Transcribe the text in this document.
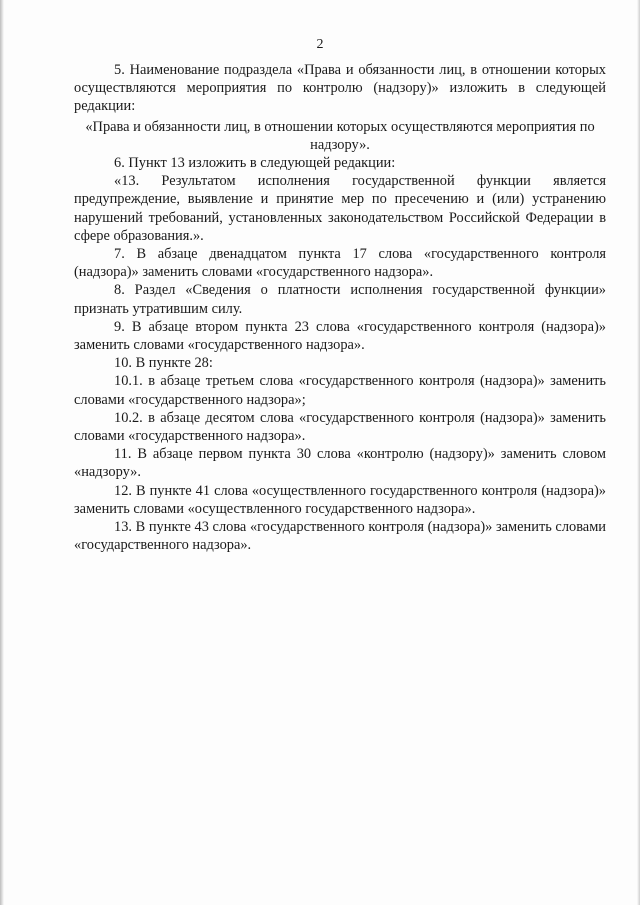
2

5. Наименование подраздела «Права и обязанности лиц, в отношении которых осуществляются мероприятия по контролю (надзору)» изложить в следующей редакции:

«Права и обязанности лиц, в отношении которых осуществляются мероприятия по надзору».

6. Пункт 13 изложить в следующей редакции:

«13. Результатом исполнения государственной функции является предупреждение, выявление и принятие мер по пресечению и (или) устранению нарушений требований, установленных законодательством Российской Федерации в сфере образования.».

7. В абзаце двенадцатом пункта 17 слова «государственного контроля (надзора)» заменить словами «государственного надзора».

8. Раздел «Сведения о платности исполнения государственной функции» признать утратившим силу.

9. В абзаце втором пункта 23 слова «государственного контроля (надзора)» заменить словами «государственного надзора».

10. В пункте 28:

10.1. в абзаце третьем слова «государственного контроля (надзора)» заменить словами «государственного надзора»;

10.2. в абзаце десятом слова «государственного контроля (надзора)» заменить словами «государственного надзора».

11. В абзаце первом пункта 30 слова «контролю (надзору)» заменить словом «надзору».

12. В пункте 41 слова «осуществленного государственного контроля (надзора)» заменить словами «осуществленного государственного надзора».

13. В пункте 43 слова «государственного контроля (надзора)» заменить словами «государственного надзора».
